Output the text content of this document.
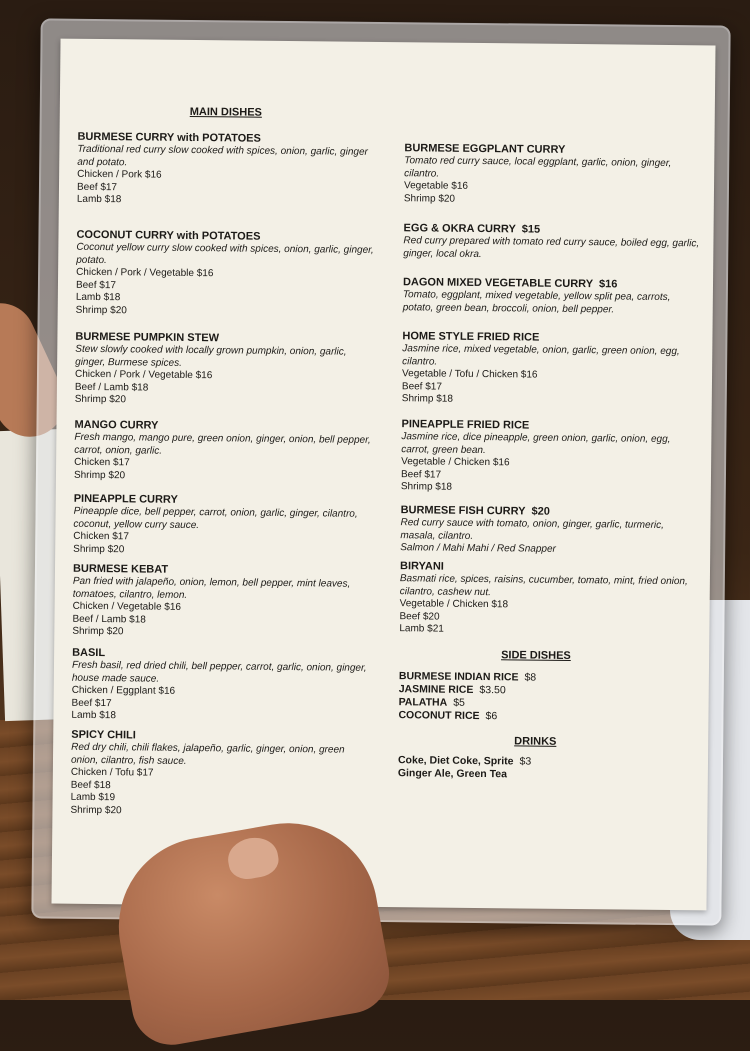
MAIN DISHES

BURMESE CURRY with POTATOES

Traditional red curry slow cooked with spices, onion, garlic, ginger and potato.

Chicken / Pork $16

Beef $17

Lamb $18

COCONUT CURRY with POTATOES

Coconut yellow curry slow cooked with spices, onion, garlic, ginger, potato.

Chicken / Pork / Vegetable $16

Beef $17

Lamb $18

Shrimp $20

BURMESE PUMPKIN STEW

Stew slowly cooked with locally grown pumpkin, onion, garlic, ginger, Burmese spices.

Chicken / Pork / Vegetable $16

Beef / Lamb $18

Shrimp $20

MANGO CURRY

Fresh mango, mango pure, green onion, ginger, onion, bell pepper, carrot, onion, garlic.

Chicken $17

Shrimp $20

PINEAPPLE CURRY

Pineapple dice, bell pepper, carrot, onion, garlic, ginger, cilantro, coconut, yellow curry sauce.

Chicken $17

Shrimp $20

BURMESE KEBAT

Pan fried with jalapeño, onion, lemon, bell pepper, mint leaves, tomatoes, cilantro, lemon.

Chicken / Vegetable $16

Beef / Lamb $18

Shrimp $20

BASIL

Fresh basil, red dried chili, bell pepper, carrot, garlic, onion, ginger, house made sauce.

Chicken / Eggplant $16

Beef $17

Lamb $18

SPICY CHILI

Red dry chili, chili flakes, jalapeño, garlic, ginger, onion, green onion, cilantro, fish sauce.

Chicken / Tofu $17

Beef $18

Lamb $19

Shrimp $20

BURMESE EGGPLANT CURRY

Tomato red curry sauce, local eggplant, garlic, onion, ginger, cilantro.

Vegetable $16

Shrimp $20

EGG & OKRA CURRY $15

Red curry prepared with tomato red curry sauce, boiled egg, garlic, ginger, local okra.

DAGON MIXED VEGETABLE CURRY $16

Tomato, eggplant, mixed vegetable, yellow split pea, carrots, potato, green bean, broccoli, onion, bell pepper.

HOME STYLE FRIED RICE

Jasmine rice, mixed vegetable, onion, garlic, green onion, egg, cilantro.

Vegetable / Tofu / Chicken $16

Beef $17

Shrimp $18

PINEAPPLE FRIED RICE

Jasmine rice, dice pineapple, green onion, garlic, onion, egg, carrot, green bean.

Vegetable / Chicken $16

Beef $17

Shrimp $18

BURMESE FISH CURRY $20

Red curry sauce with tomato, onion, ginger, garlic, turmeric, masala, cilantro.

Salmon / Mahi Mahi / Red Snapper

BIRYANI

Basmati rice, spices, raisins, cucumber, tomato, mint, fried onion, cilantro, cashew nut.

Vegetable / Chicken $18

Beef $20

Lamb $21

SIDE DISHES
BURMESE INDIAN RICE $8
JASMINE RICE $3.50
PALATHA $5
COCONUT RICE $6
DRINKS
Coke, Diet Coke, Sprite $3
Ginger Ale, Green Tea
